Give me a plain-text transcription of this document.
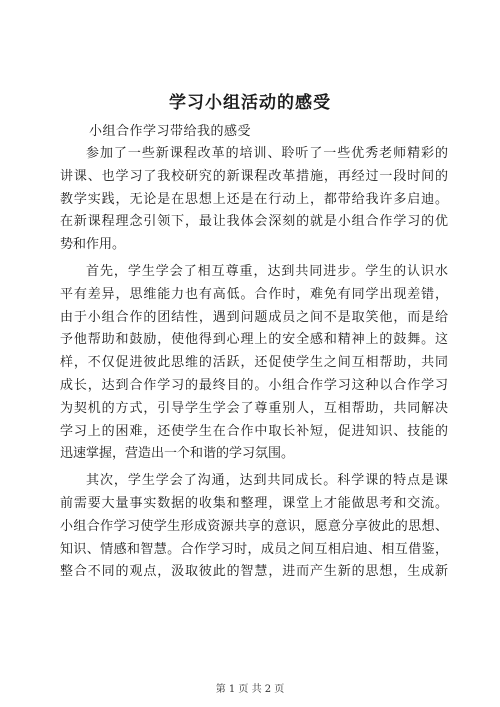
学习小组活动的感受
小组合作学习带给我的感受
参加了一些新课程改革的培训、聆听了一些优秀老师精彩的
讲课、也学习了我校研究的新课程改革措施，再经过一段时间的
教学实践，无论是在思想上还是在行动上，都带给我许多启迪。
在新课程理念引领下，最让我体会深刻的就是小组合作学习的优
势和作用。
首先，学生学会了相互尊重，达到共同进步。学生的认识水
平有差异，思维能力也有高低。合作时，难免有同学出现差错，
由于小组合作的团结性，遇到问题成员之间不是取笑他，而是给
予他帮助和鼓励，使他得到心理上的安全感和精神上的鼓舞。这
样，不仅促进彼此思维的活跃，还促使学生之间互相帮助，共同
成长，达到合作学习的最终目的。小组合作学习这种以合作学习
为契机的方式，引导学生学会了尊重别人，互相帮助，共同解决
学习上的困难，还使学生在合作中取长补短，促进知识、技能的
迅速掌握，营造出一个和谐的学习氛围。
其次，学生学会了沟通，达到共同成长。科学课的特点是课
前需要大量事实数据的收集和整理，课堂上才能做思考和交流。
小组合作学习使学生形成资源共享的意识，愿意分享彼此的思想、
知识、情感和智慧。合作学习时，成员之间互相启迪、相互借鉴，
整合不同的观点，汲取彼此的智慧，进而产生新的思想，生成新
第 1 页 共 2 页
